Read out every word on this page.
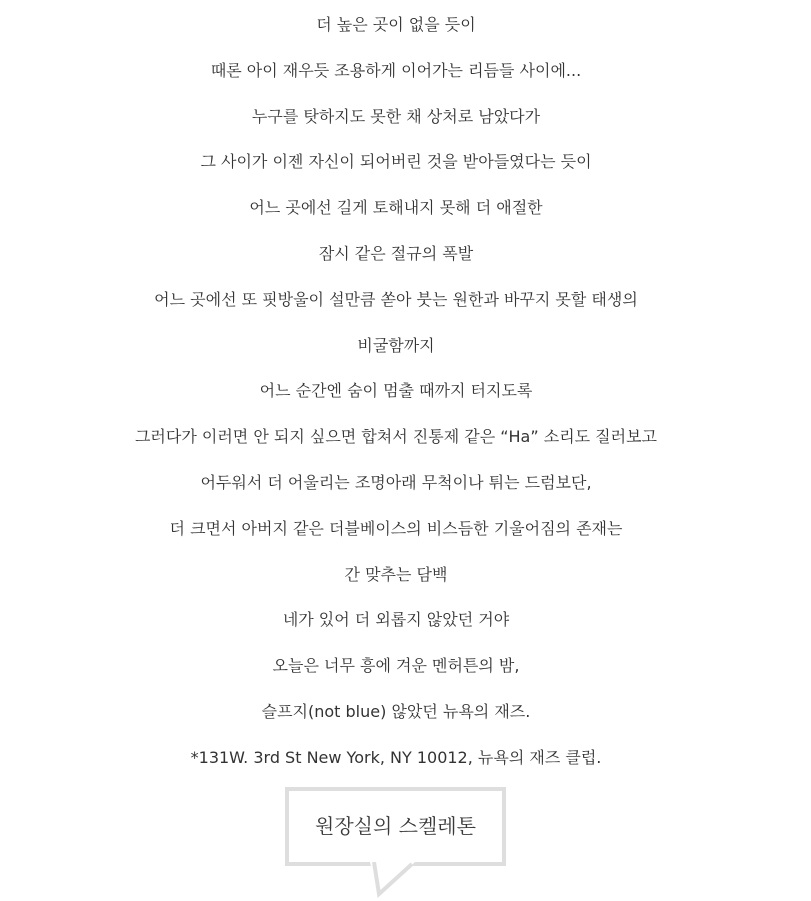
더 높은 곳이 없을 듯이
때론 아이 재우듯 조용하게 이어가는 리듬들 사이에...
누구를 탓하지도 못한 채 상처로 남았다가
그 사이가 이젠 자신이 되어버린 것을 받아들였다는 듯이
어느 곳에선 길게 토해내지 못해 더 애절한
잠시 같은 절규의 폭발
어느 곳에선 또 핏방울이 설만큼 쏟아 붓는 원한과 바꾸지 못할 태생의
비굴함까지
어느 순간엔 숨이 멈출 때까지 터지도록
그러다가 이러면 안 되지 싶으면 합쳐서 진통제 같은 “Ha” 소리도 질러보고
어두워서 더 어울리는 조명아래 무척이나 튀는 드럼보단,
더 크면서 아버지 같은 더블베이스의 비스듬한 기울어짐의 존재는
간 맞추는 담백
네가 있어 더 외롭지 않았던 거야
오늘은 너무 흥에 겨운 멘허튼의 밤,
슬프지(not blue) 않았던 뉴욕의 재즈.
*131W. 3rd St New York, NY 10012, 뉴욕의 재즈 클럽.
원장실의 스켈레톤
